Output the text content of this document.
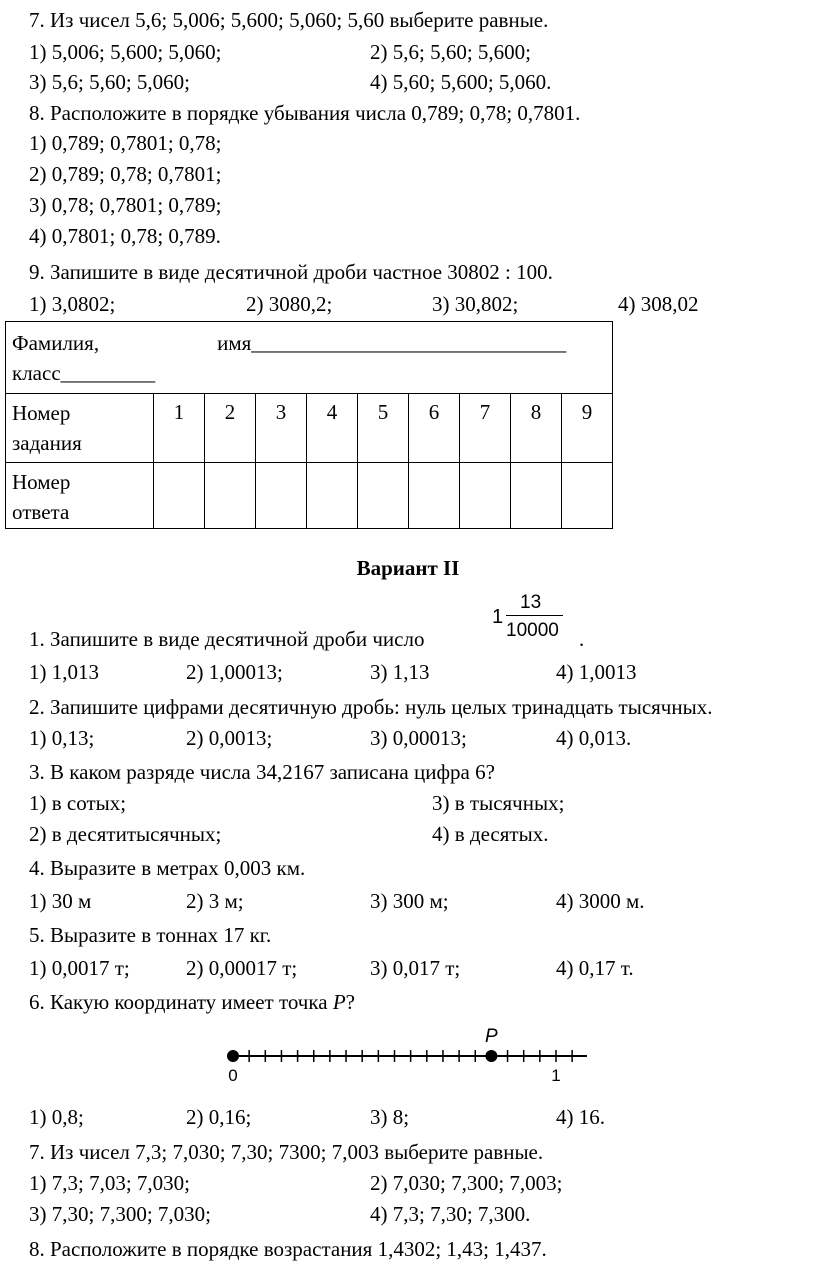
7. Из чисел 5,6; 5,006; 5,600; 5,060; 5,60 выберите равные.
1) 5,006; 5,600; 5,060;	2) 5,6; 5,60; 5,600;
3) 5,6; 5,60; 5,060;	4) 5,60; 5,600; 5,060.
8. Расположите в порядке убывания числа 0,789; 0,78; 0,7801.
1) 0,789; 0,7801; 0,78;
2) 0,789; 0,78; 0,7801;
3) 0,78; 0,7801; 0,789;
4) 0,7801; 0,78; 0,789.
9. Запишите в виде десятичной дроби частное 30802 : 100.
1) 3,0802;	2) 3080,2;	3) 30,802;	4) 308,02
Фамилия, имя______________________________
класс_________									
Номер
задания	1	2	3	4	5	6	7	8	9
Номер
ответа									
Вариант II
1. Запишите в виде десятичной дроби число
1
13
10000 .
1) 1,013	2) 1,00013;	3) 1,13	4) 1,0013
2. Запишите цифрами десятичную дробь: нуль целых тринадцать тысячных.
1) 0,13;	2) 0,0013;	3) 0,00013;	4) 0,013.
3. В каком разряде числа 34,2167 записана цифра 6?
1) в сотых;	3) в тысячных;
2) в десятитысячных;	4) в десятых.
4. Выразите в метрах 0,003 км.
1) 30 м	2) 3 м;	3) 300 м;	4) 3000 м.
5. Выразите в тоннах 17 кг.
1) 0,0017 т;	2) 0,00017 т;	3) 0,017 т;	4) 0,17 т.
6. Какую координату имеет точка P?
P
0	1
1) 0,8;	2) 0,16;	3) 8;	4) 16.
7. Из чисел 7,3; 7,030; 7,30; 7300; 7,003 выберите равные.
1) 7,3; 7,03; 7,030;	2) 7,030; 7,300; 7,003;
3) 7,30; 7,300; 7,030;	4) 7,3; 7,30; 7,300.
8. Расположите в порядке возрастания 1,4302; 1,43; 1,437.
